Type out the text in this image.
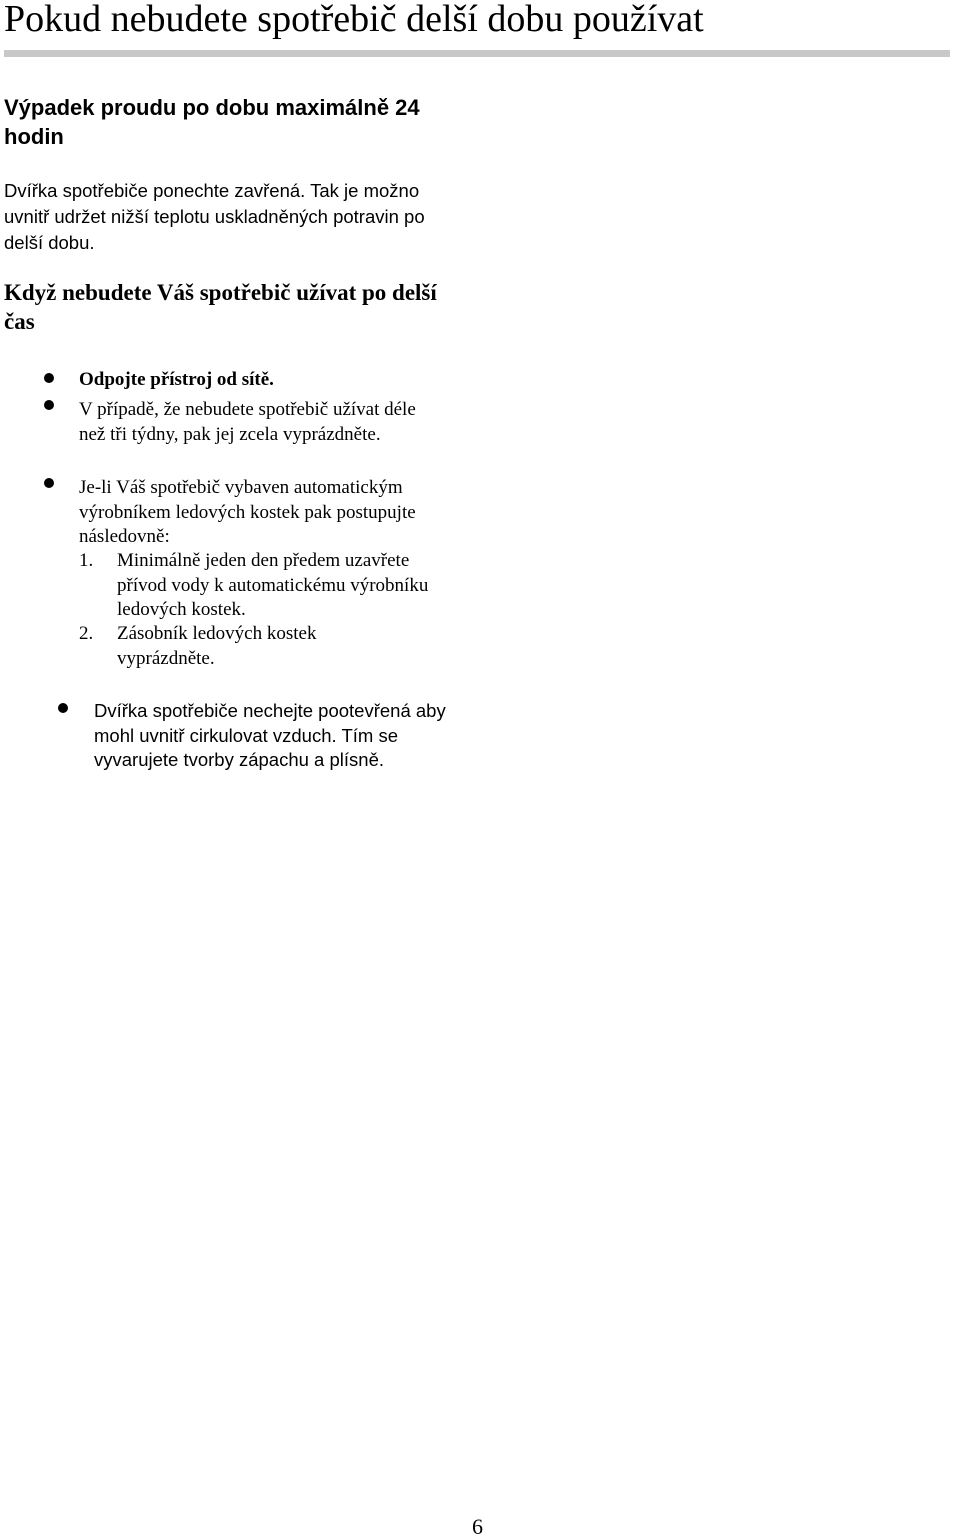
Pokud nebudete spotřebič delší dobu používat
Výpadek proudu po dobu maximálně 24 hodin

Dvířka spotřebiče ponechte zavřená. Tak je možno uvnitř udržet nižší teplotu uskladněných potravin po delší dobu.

Když nebudete Váš spotřebič užívat po delší čas

Odpojte přístroj od sítě.

V případě, že nebudete spotřebič užívat déle než tři týdny, pak jej zcela vyprázdněte.

Je-li Váš spotřebič vybaven automatickým výrobníkem ledových kostek pak postupujte následovně:

1. Minimálně jeden den předem uzavřete přívod vody k automatickému výrobníku ledových kostek.

2. Zásobník ledových kostek vyprázdněte.

Dvířka spotřebiče nechejte pootevřená aby mohl uvnitř cirkulovat vzduch. Tím se vyvarujete tvorby zápachu a plísně.

6
